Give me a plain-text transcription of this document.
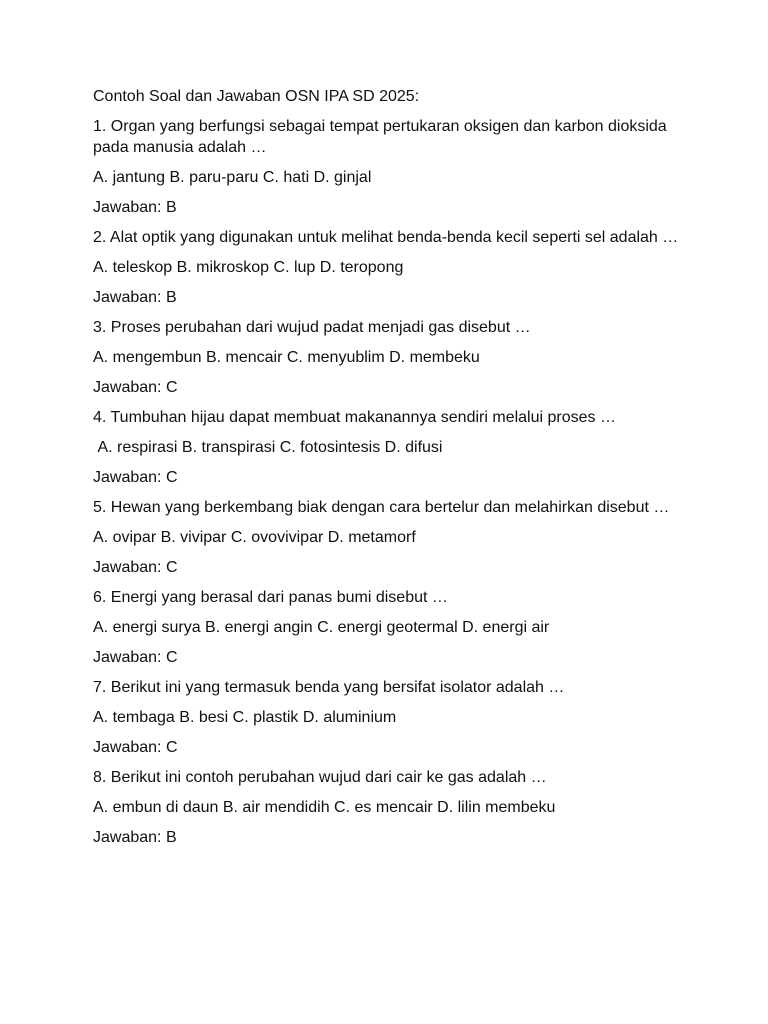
Contoh Soal dan Jawaban OSN IPA SD 2025:

1. Organ yang berfungsi sebagai tempat pertukaran oksigen dan karbon dioksida pada manusia adalah …

A. jantung B. paru-paru C. hati D. ginjal

Jawaban: B

2. Alat optik yang digunakan untuk melihat benda-benda kecil seperti sel adalah …

A. teleskop B. mikroskop C. lup D. teropong

Jawaban: B

3. Proses perubahan dari wujud padat menjadi gas disebut …

A. mengembun B. mencair C. menyublim D. membeku

Jawaban: C

4. Tumbuhan hijau dapat membuat makanannya sendiri melalui proses …

A. respirasi B. transpirasi C. fotosintesis D. difusi

Jawaban: C

5. Hewan yang berkembang biak dengan cara bertelur dan melahirkan disebut …

A. ovipar B. vivipar C. ovovivipar D. metamorf

Jawaban: C

6. Energi yang berasal dari panas bumi disebut …

A. energi surya B. energi angin C. energi geotermal D. energi air

Jawaban: C

7. Berikut ini yang termasuk benda yang bersifat isolator adalah …

A. tembaga B. besi C. plastik D. aluminium

Jawaban: C

8. Berikut ini contoh perubahan wujud dari cair ke gas adalah …

A. embun di daun B. air mendidih C. es mencair D. lilin membeku

Jawaban: B
